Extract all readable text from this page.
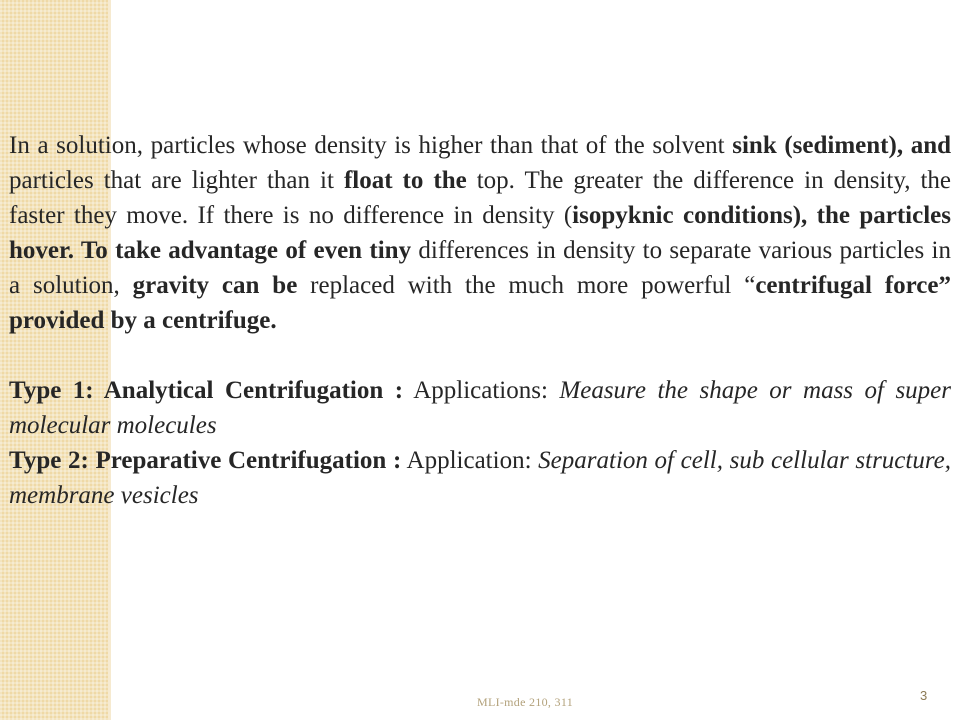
In a solution, particles whose density is higher than that of the solvent sink (sediment), and particles that are lighter than it float to the top. The greater the difference in density, the faster they move. If there is no difference in density (isopyknic conditions), the particles hover. To take advantage of even tiny differences in density to separate various particles in a solution, gravity can be replaced with the much more powerful “centrifugal force” provided by a centrifuge.

Type 1: Analytical Centrifugation : Applications: Measure the shape or mass of super molecular molecules

Type 2: Preparative Centrifugation : Application: Separation of cell, sub cellular structure, membrane vesicles

MLI-mde 210, 311	3
